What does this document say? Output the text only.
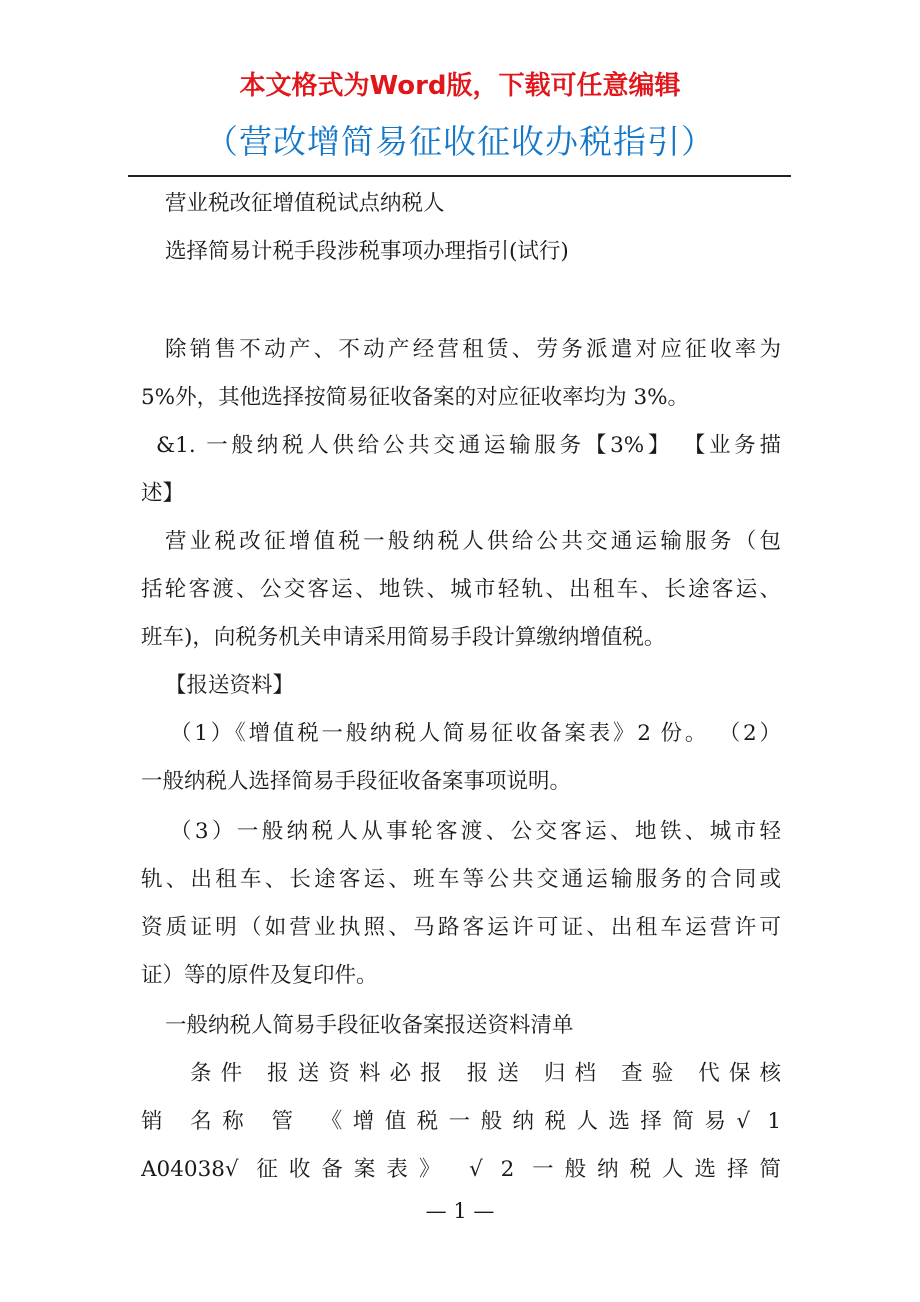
本文格式为Word版，下载可任意编辑
（营改增简易征收征收办税指引）
营业税改征增值税试点纳税人
选择简易计税手段涉税事项办理指引(试行)
除销售不动产、不动产经营租赁、劳务派遣对应征收率为
5%外，其他选择按简易征收备案的对应征收率均为 3%。
&1. 一般纳税人供给公共交通运输服务【3%】 【业务描
述】
营业税改征增值税一般纳税人供给公共交通运输服务（包
括轮客渡、公交客运、地铁、城市轻轨、出租车、长途客运、
班车)，向税务机关申请采用简易手段计算缴纳增值税。
【报送资料】
（1）《增值税一般纳税人简易征收备案表》2 份。 （2）
一般纳税人选择简易手段征收备案事项说明。
（3）一般纳税人从事轮客渡、公交客运、地铁、城市轻
轨、出租车、长途客运、班车等公共交通运输服务的合同或
资质证明（如营业执照、马路客运许可证、出租车运营许可
证）等的原件及复印件。
一般纳税人简易手段征收备案报送资料清单
条件 报送资料必报 报送 归档 查验 代保核
销 名称 管 《增值税一般纳税人选择简易√ 1
A04038√ 征收备案表》 √ 2 一般纳税人选择简
— 1 —
